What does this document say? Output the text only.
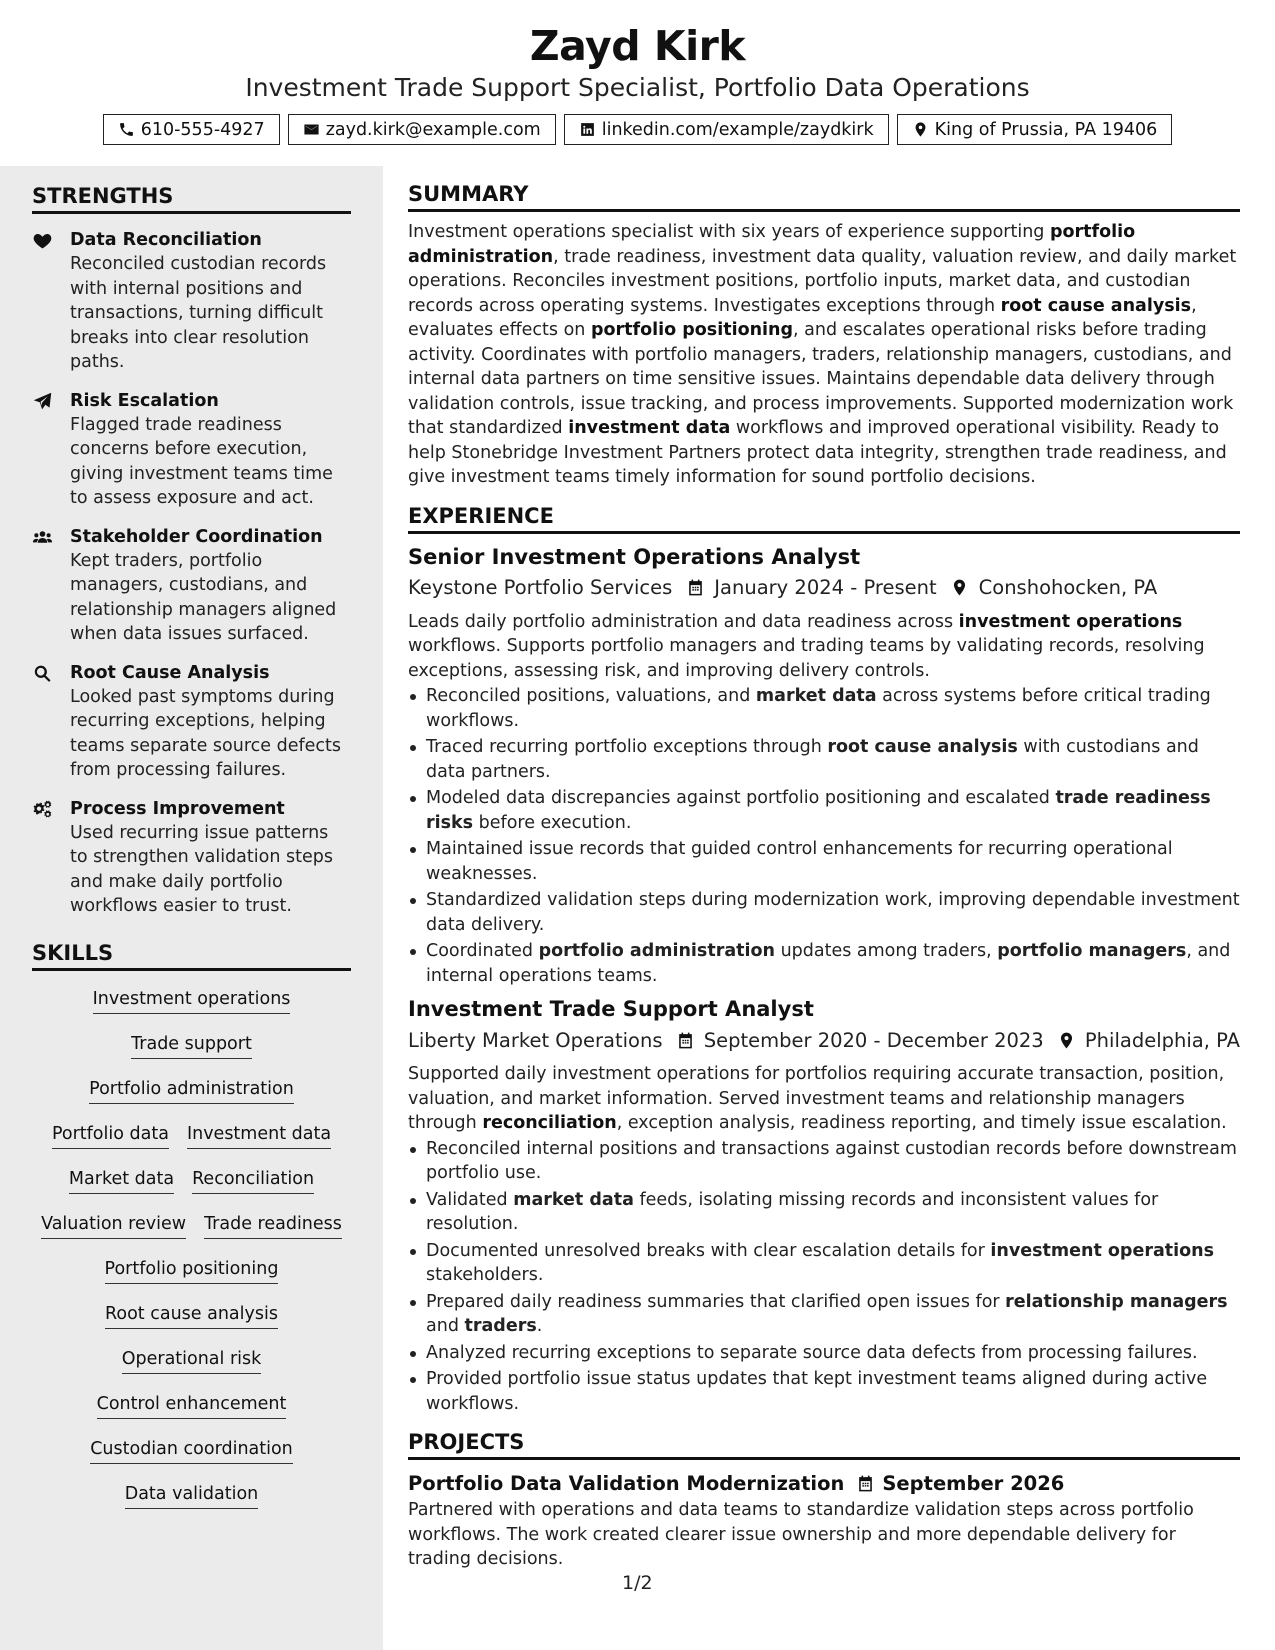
Zayd Kirk
Investment Trade Support Specialist, Portfolio Data Operations
610-555-4927	zayd.kirk@example.com	linkedin.com/example/zaydkirk	King of Prussia, PA 19406
STRENGTHS
Data Reconciliation
Reconciled custodian records with internal positions and transactions, turning difficult breaks into clear resolution paths.
Risk Escalation
Flagged trade readiness concerns before execution, giving investment teams time to assess exposure and act.
Stakeholder Coordination
Kept traders, portfolio managers, custodians, and relationship managers aligned when data issues surfaced.
Root Cause Analysis
Looked past symptoms during recurring exceptions, helping teams separate source defects from processing failures.
Process Improvement
Used recurring issue patterns to strengthen validation steps and make daily portfolio workflows easier to trust.
SKILLS
Investment operations
Trade support
Portfolio administration
Portfolio data Investment data
Market data Reconciliation
Valuation review Trade readiness
Portfolio positioning
Root cause analysis
Operational risk
Control enhancement
Custodian coordination
Data validation
SUMMARY
Investment operations specialist with six years of experience supporting portfolio administration, trade readiness, investment data quality, valuation review, and daily market operations. Reconciles investment positions, portfolio inputs, market data, and custodian records across operating systems. Investigates exceptions through root cause analysis, evaluates effects on portfolio positioning, and escalates operational risks before trading activity. Coordinates with portfolio managers, traders, relationship managers, custodians, and internal data partners on time sensitive issues. Maintains dependable data delivery through validation controls, issue tracking, and process improvements. Supported modernization work that standardized investment data workflows and improved operational visibility. Ready to help Stonebridge Investment Partners protect data integrity, strengthen trade readiness, and give investment teams timely information for sound portfolio decisions.
EXPERIENCE
Senior Investment Operations Analyst
Keystone Portfolio Services January 2024 - Present Conshohocken, PA
Leads daily portfolio administration and data readiness across investment operations workflows. Supports portfolio managers and trading teams by validating records, resolving exceptions, assessing risk, and improving delivery controls.
Reconciled positions, valuations, and market data across systems before critical trading workflows.
Traced recurring portfolio exceptions through root cause analysis with custodians and data partners.
Modeled data discrepancies against portfolio positioning and escalated trade readiness risks before execution.
Maintained issue records that guided control enhancements for recurring operational weaknesses.
Standardized validation steps during modernization work, improving dependable investment data delivery.
Coordinated portfolio administration updates among traders, portfolio managers, and internal operations teams.
Investment Trade Support Analyst
Liberty Market Operations September 2020 - December 2023 Philadelphia, PA
Supported daily investment operations for portfolios requiring accurate transaction, position, valuation, and market information. Served investment teams and relationship managers through reconciliation, exception analysis, readiness reporting, and timely issue escalation.
Reconciled internal positions and transactions against custodian records before downstream portfolio use.
Validated market data feeds, isolating missing records and inconsistent values for resolution.
Documented unresolved breaks with clear escalation details for investment operations stakeholders.
Prepared daily readiness summaries that clarified open issues for relationship managers and traders.
Analyzed recurring exceptions to separate source data defects from processing failures.
Provided portfolio issue status updates that kept investment teams aligned during active workflows.
PROJECTS
Portfolio Data Validation Modernization September 2026
Partnered with operations and data teams to standardize validation steps across portfolio workflows. The work created clearer issue ownership and more dependable delivery for trading decisions.
1/2
